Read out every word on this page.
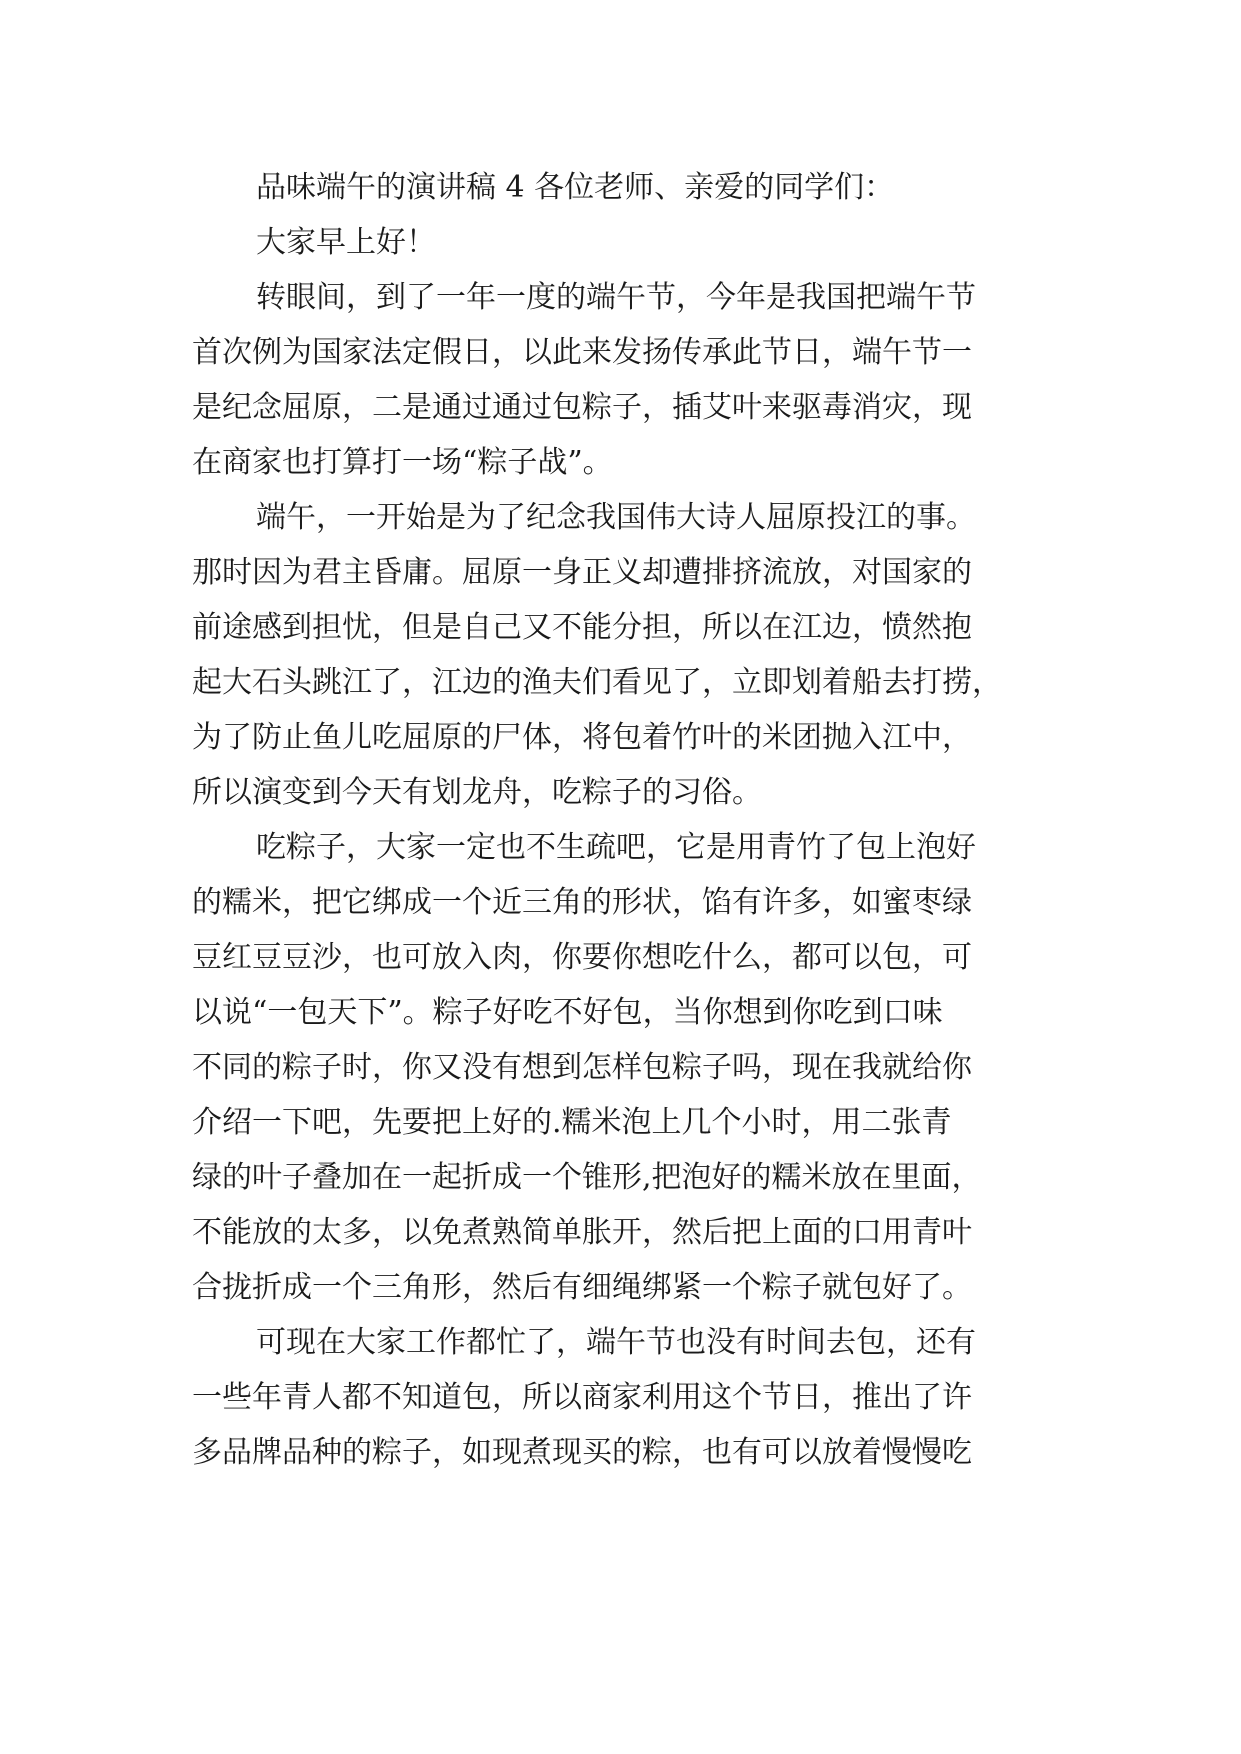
品味端午的演讲稿 4 各位老师、亲爱的同学们：
大家早上好！
转眼间，到了一年一度的端午节，今年是我国把端午节
首次例为国家法定假日，以此来发扬传承此节日，端午节一
是纪念屈原，二是通过通过包粽子，插艾叶来驱毒消灾，现
在商家也打算打一场“粽子战”。
端午，一开始是为了纪念我国伟大诗人屈原投江的事。
那时因为君主昏庸。屈原一身正义却遭排挤流放，对国家的
前途感到担忧，但是自己又不能分担，所以在江边，愤然抱
起大石头跳江了，江边的渔夫们看见了，立即划着船去打捞，
为了防止鱼儿吃屈原的尸体，将包着竹叶的米团抛入江中，
所以演变到今天有划龙舟，吃粽子的习俗。
吃粽子，大家一定也不生疏吧，它是用青竹了包上泡好
的糯米，把它绑成一个近三角的形状，馅有许多，如蜜枣绿
豆红豆豆沙，也可放入肉，你要你想吃什么，都可以包，可
以说“一包天下”。粽子好吃不好包，当你想到你吃到口味
不同的粽子时，你又没有想到怎样包粽子吗，现在我就给你
介绍一下吧，先要把上好的.糯米泡上几个小时，用二张青
绿的叶子叠加在一起折成一个锥形,把泡好的糯米放在里面，
不能放的太多，以免煮熟简单胀开，然后把上面的口用青叶
合拢折成一个三角形，然后有细绳绑紧一个粽子就包好了。
可现在大家工作都忙了，端午节也没有时间去包，还有
一些年青人都不知道包，所以商家利用这个节日，推出了许
多品牌品种的粽子，如现煮现买的粽，也有可以放着慢慢吃
